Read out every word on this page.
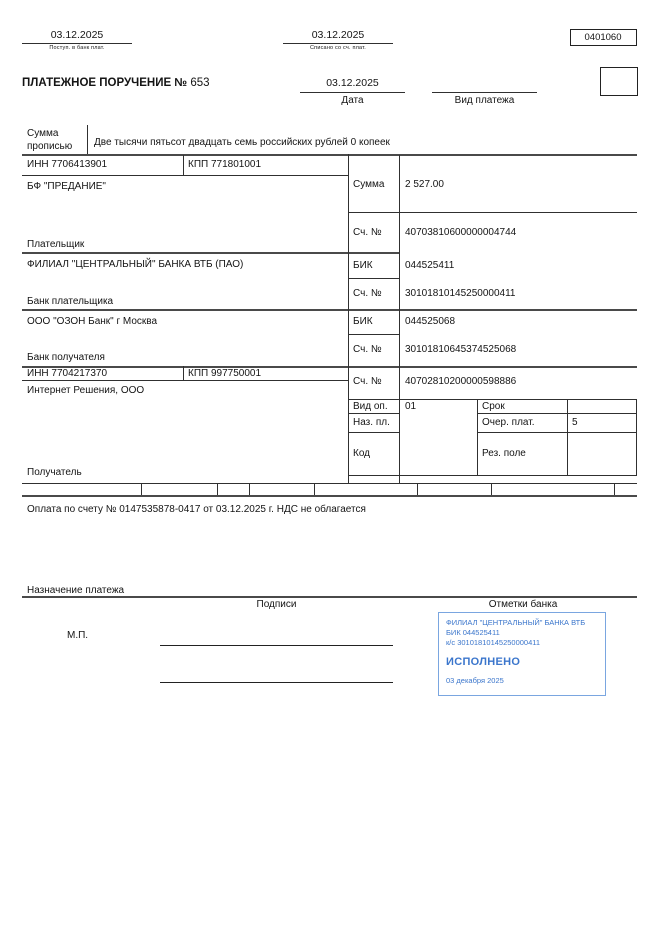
03.12.2025
Поступ. в банк плат.
03.12.2025
Списано со сч. плат.
0401060
ПЛАТЕЖНОЕ ПОРУЧЕНИЕ № 653	03.12.2025
Дата	Вид платежа
Сумма
прописью Две тысячи пятьсот двадцать семь российских рублей 0 копеек
ИНН 7706413901	КПП 771801001
БФ "ПРЕДАНИЕ"
Плательщик
Сумма 2 527.00
Сч. № 40703810600000004744
ФИЛИАЛ "ЦЕНТРАЛЬНЫЙ" БАНКА ВТБ (ПАО)
Банк плательщика
БИК	044525411
Сч. № 30101810145250000411
ООО "ОЗОН Банк" г Москва
Банк получателя
БИК	044525068
Сч. № 30101810645374525068
ИНН 7704217370	КПП 997750001
Интернет Решения, ООО
Получатель
Сч. № 40702810200000598886
Вид оп. 01	Срок
Наз. пл.	Очер. плат.	5
Код	Рез. поле
Оплата по счету № 0147535878-0417 от 03.12.2025 г. НДС не облагается
Назначение платежа
Подписи	Отметки банка
М.П.
ФИЛИАЛ "ЦЕНТРАЛЬНЫЙ" БАНКА ВТБ
БИК 044525411
к/с 30101810145250000411
ИСПОЛНЕНО
03 декабря 2025
